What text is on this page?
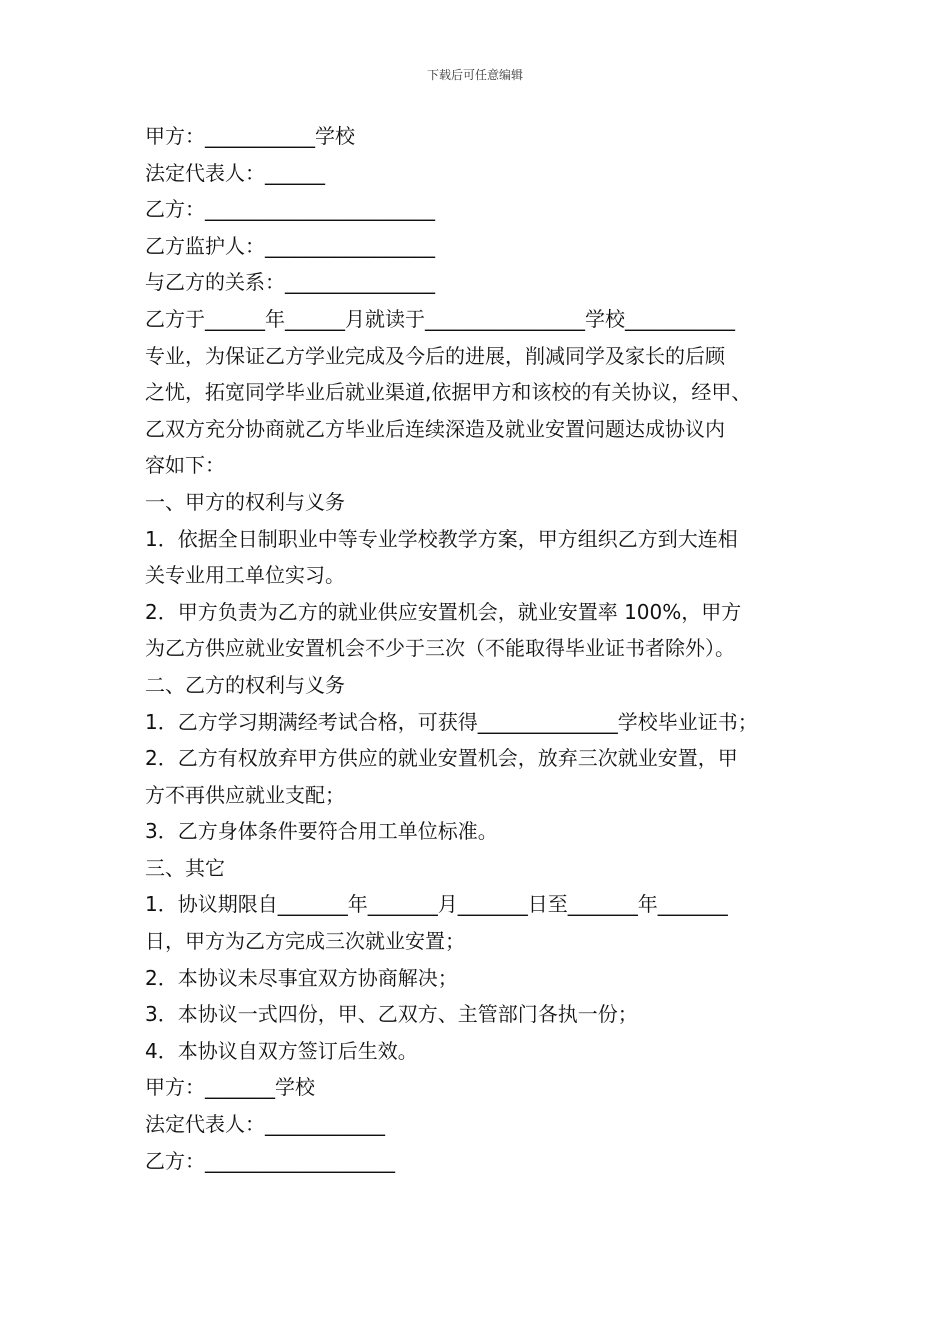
下载后可任意编辑
甲方：___________学校
法定代表人：______
乙方：_______________________
乙方监护人：_________________
与乙方的关系：_______________
乙方于______年______月就读于________________学校___________
专业，为保证乙方学业完成及今后的进展，削减同学及家长的后顾
之忧，拓宽同学毕业后就业渠道,依据甲方和该校的有关协议，经甲、
乙双方充分协商就乙方毕业后连续深造及就业安置问题达成协议内
容如下：
一、甲方的权利与义务
1．依据全日制职业中等专业学校教学方案，甲方组织乙方到大连相
关专业用工单位实习。
2．甲方负责为乙方的就业供应安置机会，就业安置率 100%，甲方
为乙方供应就业安置机会不少于三次（不能取得毕业证书者除外）。
二、乙方的权利与义务
1．乙方学习期满经考试合格，可获得______________学校毕业证书；
2．乙方有权放弃甲方供应的就业安置机会，放弃三次就业安置，甲
方不再供应就业支配；
3．乙方身体条件要符合用工单位标准。
三、其它
1．协议期限自_______年_______月_______日至_______年_______
日，甲方为乙方完成三次就业安置；
2．本协议未尽事宜双方协商解决；
3．本协议一式四份，甲、乙双方、主管部门各执一份；
4．本协议自双方签订后生效。
甲方：_______学校
法定代表人：____________
乙方：___________________
